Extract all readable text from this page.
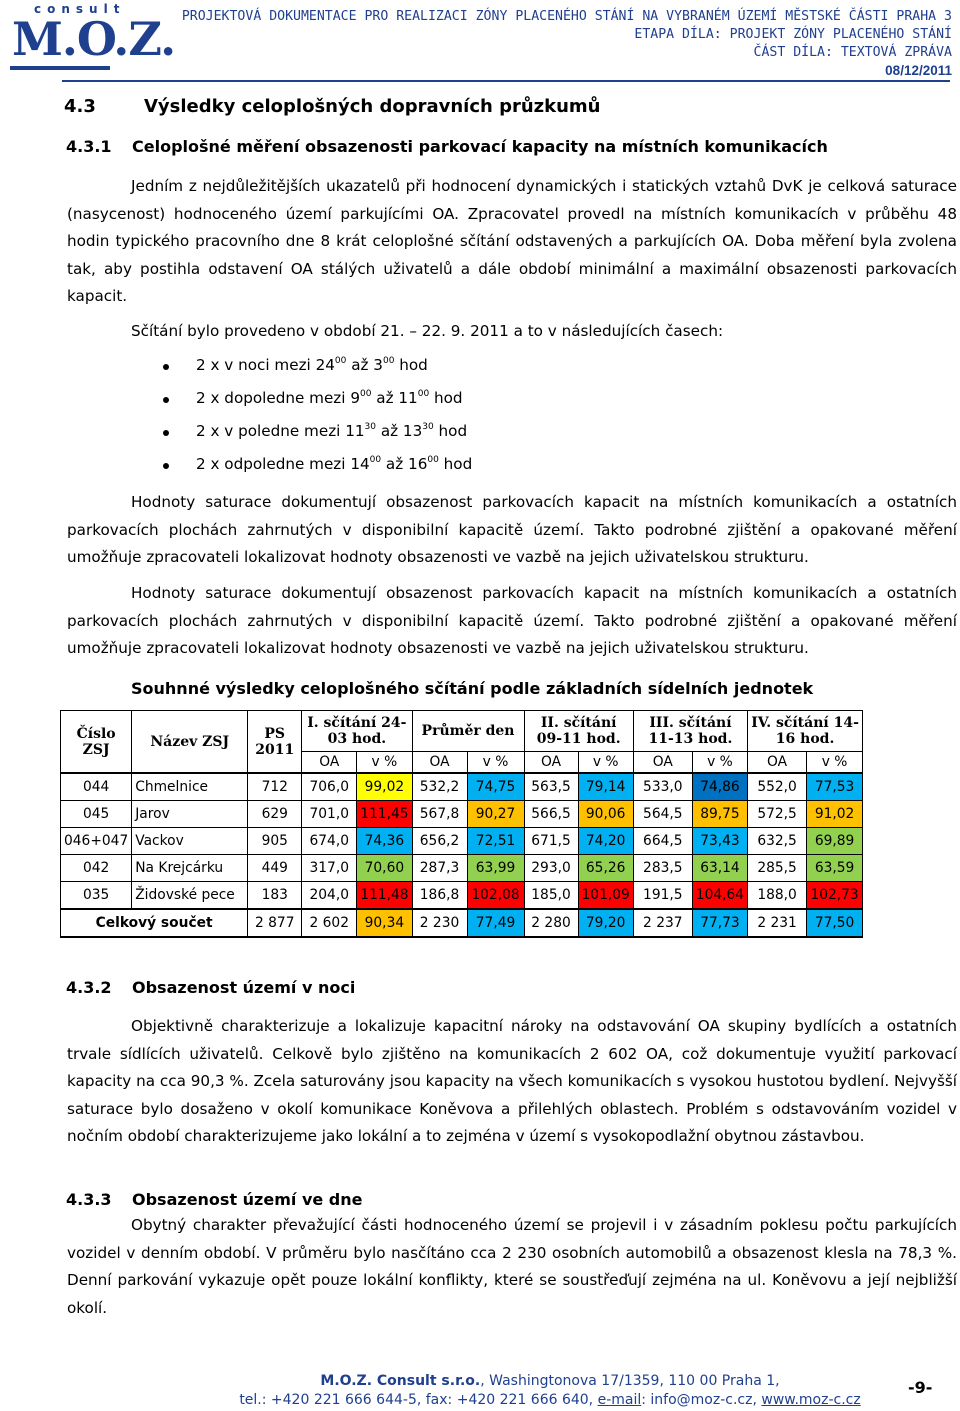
consult
M.O.Z. PROJEKTOVÁ DOKUMENTACE PRO REALIZACI ZÓNY PLACENÉHO STÁNÍ NA VYBRANÉM ÚZEMÍ MĚSTSKÉ ČÁSTI PRAHA 3
ETAPA DÍLA: PROJEKT ZÓNY PLACENÉHO STÁNÍ
ČÁST DÍLA: TEXTOVÁ ZPRÁVA
08/12/2011
4.3	Výsledky celoplošných dopravních průzkumů
4.3.1 Celoplošné měření obsazenosti parkovací kapacity na místních komunikacích
Jedním z nejdůležitějších ukazatelů při hodnocení dynamických i statických vztahů DvK je celková saturace (nasycenost) hodnoceného území parkujícími OA. Zpracovatel provedl na místních komunikacích v průběhu 48 hodin typického pracovního dne 8 krát celoplošné sčítání odstavených a parkujících OA. Doba měření byla zvolena tak, aby postihla odstavení OA stálých uživatelů a dále období minimální a maximální obsazenosti parkovacích kapacit.
Sčítání bylo provedeno v období 21. – 22. 9. 2011 a to v následujících časech:
2 x v noci mezi $24^{00}$ až $3^{00}$ hod
2 x dopoledne mezi $9^{00}$ až $11^{00}$ hod
2 x v poledne mezi $11^{30}$ až $13^{30}$ hod
2 x odpoledne mezi $14^{00}$ až $16^{00}$ hod
Hodnoty saturace dokumentují obsazenost parkovacích kapacit na místních komunikacích a ostatních parkovacích plochách zahrnutých v disponibilní kapacitě území. Takto podrobné zjištění a opakované měření umožňuje zpracovateli lokalizovat hodnoty obsazenosti ve vazbě na jejich uživatelskou strukturu.
Hodnoty saturace dokumentují obsazenost parkovacích kapacit na místních komunikacích a ostatních parkovacích plochách zahrnutých v disponibilní kapacitě území. Takto podrobné zjištění a opakované měření umožňuje zpracovateli lokalizovat hodnoty obsazenosti ve vazbě na jejich uživatelskou strukturu.
Souhnné výsledky celoplošného sčítání podle základních sídelních jednotek
Číslo ZSJ	Název ZSJ	PS 2011	I. sčítání 24-03 hod.		Průměr den		II. sčítání 09-11 hod.		III. sčítání 11-13 hod.		IV. sčítání 14-16 hod.	
			OA	v %	OA	v %	OA	v %	OA	v %	OA	v %
044	Chmelnice	712	706,0	99,02	532,2	74,75	563,5	79,14	533,0	74,86	552,0	77,53
045	Jarov	629	701,0	111,45	567,8	90,27	566,5	90,06	564,5	89,75	572,5	91,02
046+047	Vackov	905	674,0	74,36	656,2	72,51	671,5	74,20	664,5	73,43	632,5	69,89
042	Na Krejcárku	449	317,0	70,60	287,3	63,99	293,0	65,26	283,5	63,14	285,5	63,59
035	Židovské pece	183	204,0	111,48	186,8	102,08	185,0	101,09	191,5	104,64	188,0	102,73
Celkový součet		2 877	2 602	90,34	2 230	77,49	2 280	79,20	2 237	77,73	2 231	77,50
4.3.2 Obsazenost území v noci
Objektivně charakterizuje a lokalizuje kapacitní nároky na odstavování OA skupiny bydlících a ostatních trvale sídlících uživatelů. Celkově bylo zjištěno na komunikacích 2 602 OA, což dokumentuje využití parkovací kapacity na cca 90,3 %. Zcela saturovány jsou kapacity na všech komunikacích s vysokou hustotou bydlení. Nejvyšší saturace bylo dosaženo v okolí komunikace Koněvova a přilehlých oblastech. Problém s odstavováním vozidel v nočním období charakterizujeme jako lokální a to zejména v území s vysokopodlažní obytnou zástavbou.
4.3.3 Obsazenost území ve dne
Obytný charakter převažující části hodnoceného území se projevil i v zásadním poklesu počtu parkujících vozidel v denním období. V průměru bylo nasčítáno cca 2 230 osobních automobilů a obsazenost klesla na 78,3 %. Denní parkování vykazuje opět pouze lokální konflikty, které se soustřeďují zejména na ul. Koněvovu a její nejbližší okolí.
M.O.Z. Consult s.r.o., Washingtonova 17/1359, 110 00 Praha 1,
tel.: +420 221 666 644-5, fax: +420 221 666 640, e-mail: info@moz-c.cz, www.moz-c.cz
-9-
